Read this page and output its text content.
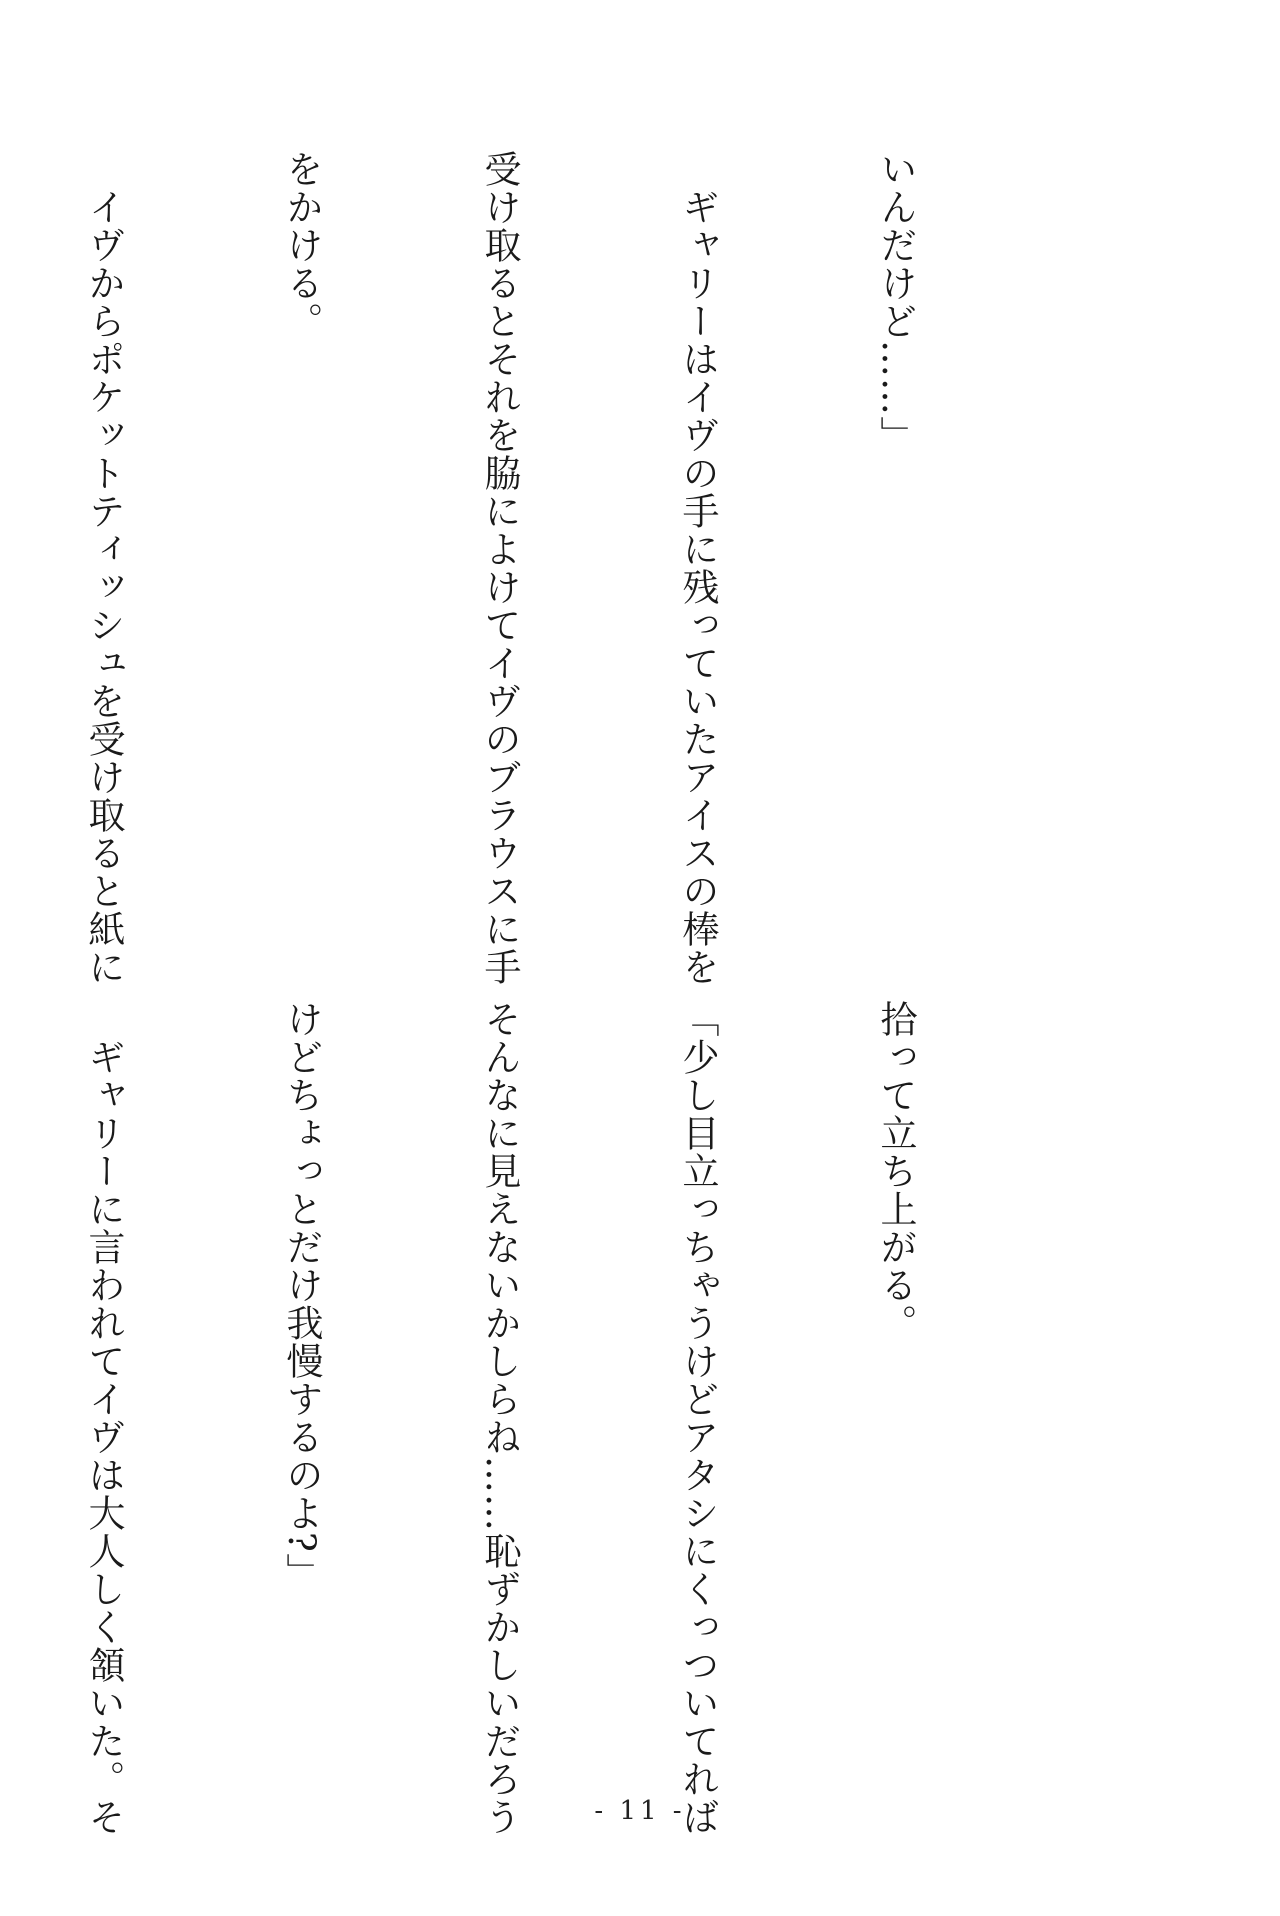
いんだけど……」

　ギャリーはイヴの手に残っていたアイスの棒を

受け取るとそれを脇によけてイヴのブラウスに手

をかける。

　イヴからポケットティッシュを受け取ると紙に

拾って立ち上がる。

「少し目立っちゃうけどアタシにくっついてれば

そんなに見えないかしらね……恥ずかしいだろう

けどちょっとだけ我慢するのよ?」

　ギャリーに言われてイヴは大人しく頷いた。そ

	- 11 -
